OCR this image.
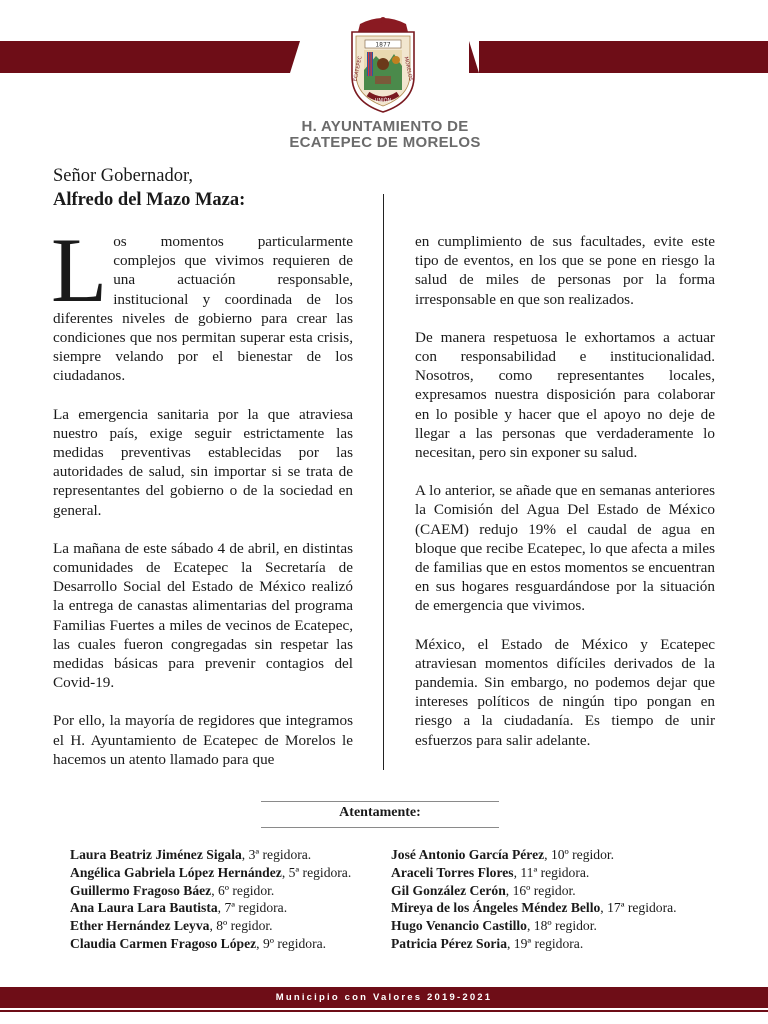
1877
ECATEPEC	MORELOS
UNIÓN
H. AYUNTAMIENTO DE
ECATEPEC DE MORELOS
Señor Gobernador,
Alfredo del Mazo Maza:

Los momentos particularmente complejos que vivimos requieren de una actuación responsable, institucional y coordinada de los diferentes niveles de gobierno para crear las condiciones que nos permitan superar esta crisis, siempre velando por el bienestar de los ciudadanos.

La emergencia sanitaria por la que atraviesa nuestro país, exige seguir estrictamente las medidas preventivas establecidas por las autoridades de salud, sin importar si se trata de representantes del gobierno o de la sociedad en general.

La mañana de este sábado 4 de abril, en distintas comunidades de Ecatepec la Secretaría de Desarrollo Social del Estado de México realizó la entrega de canastas alimentarias del programa Familias Fuertes a miles de vecinos de Ecatepec, las cuales fueron congregadas sin respetar las medidas básicas para prevenir contagios del Covid-19.

Por ello, la mayoría de regidores que integramos el H. Ayuntamiento de Ecatepec de Morelos le hacemos un atento llamado para que

en cumplimiento de sus facultades, evite este tipo de eventos, en los que se pone en riesgo la salud de miles de personas por la forma irresponsable en que son realizados.

De manera respetuosa le exhortamos a actuar con responsabilidad e institucionalidad. Nosotros, como representantes locales, expresamos nuestra disposición para colaborar en lo posible y hacer que el apoyo no deje de llegar a las personas que verdaderamente lo necesitan, pero sin exponer su salud.

A lo anterior, se añade que en semanas anteriores la Comisión del Agua Del Estado de México (CAEM) redujo 19% el caudal de agua en bloque que recibe Ecatepec, lo que afecta a miles de familias que en estos momentos se encuentran en sus hogares resguardándose por la situación de emergencia que vivimos.

México, el Estado de México y Ecatepec atraviesan momentos difíciles derivados de la pandemia. Sin embargo, no podemos dejar que intereses políticos de ningún tipo pongan en riesgo a la ciudadanía. Es tiempo de unir esfuerzos para salir adelante.

Atentamente:
Laura Beatriz Jiménez Sigala, 3ª regidora.
Angélica Gabriela López Hernández, 5ª regidora.
Guillermo Fragoso Báez, 6º regidor.
Ana Laura Lara Bautista, 7ª regidora.
Ether Hernández Leyva, 8º regidor.
Claudia Carmen Fragoso López, 9º regidora.
José Antonio García Pérez, 10º regidor.
Araceli Torres Flores, 11ª regidora.
Gil González Cerón, 16º regidor.
Mireya de los Ángeles Méndez Bello, 17ª regidora.
Hugo Venancio Castillo, 18º regidor.
Patricia Pérez Soria, 19ª regidora.
Municipio con Valores 2019-2021
